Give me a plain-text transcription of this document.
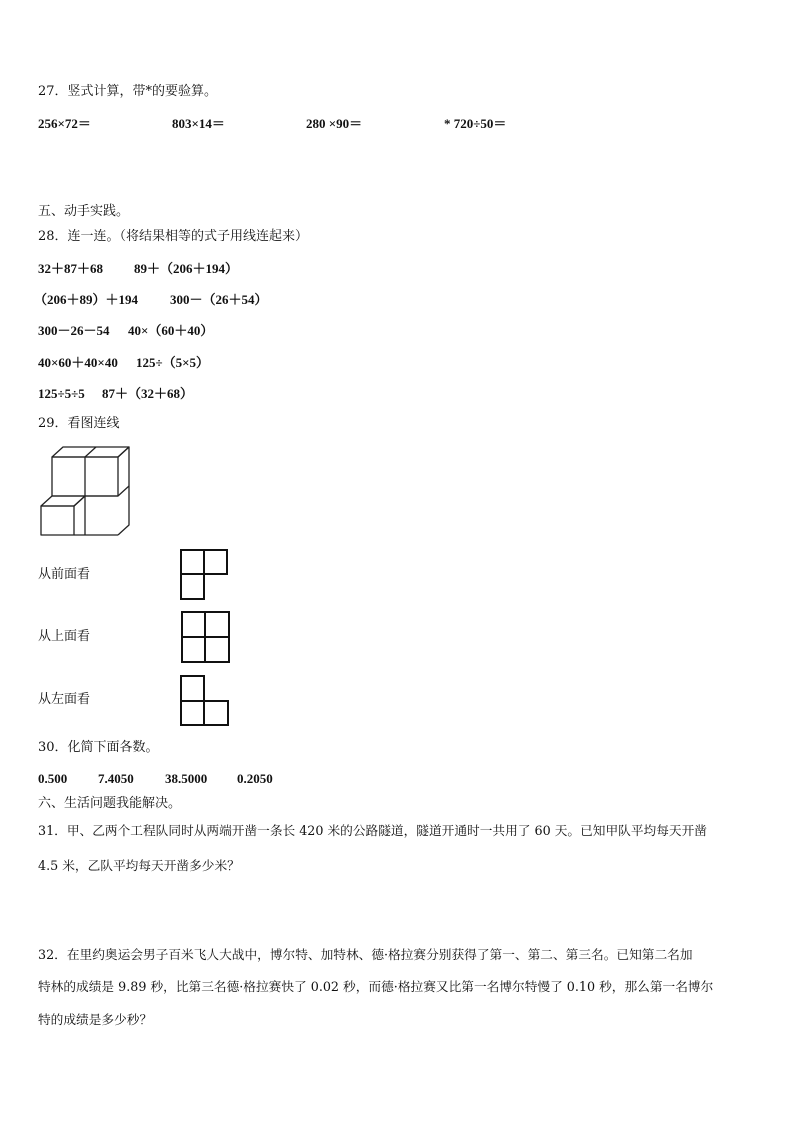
27．竖式计算，带*的要验算。
256×72＝	803×14＝	280 ×90＝	* 720÷50＝
五、动手实践。
28．连一连。（将结果相等的式子用线连起来）
32＋87＋68 89＋（206＋194）
（206＋89）＋194 300－（26＋54）
300－26－54 40×（60＋40）
40×60＋40×40 125÷（5×5）
125÷5÷5 87＋（32＋68）
29．看图连线
从前面看
从上面看
从左面看
30．化简下面各数。
0.500 7.4050 38.5000 0.2050
六、生活问题我能解决。
31．甲、乙两个工程队同时从两端开凿一条长 420 米的公路隧道，隧道开通时一共用了 60 天。已知甲队平均每天开凿
4.5 米，乙队平均每天开凿多少米？
32．在里约奥运会男子百米飞人大战中，博尔特、加特林、德·格拉赛分别获得了第一、第二、第三名。已知第二名加
特林的成绩是 9.89 秒，比第三名德·格拉赛快了 0.02 秒，而德·格拉赛又比第一名博尔特慢了 0.10 秒，那么第一名博尔
特的成绩是多少秒？
